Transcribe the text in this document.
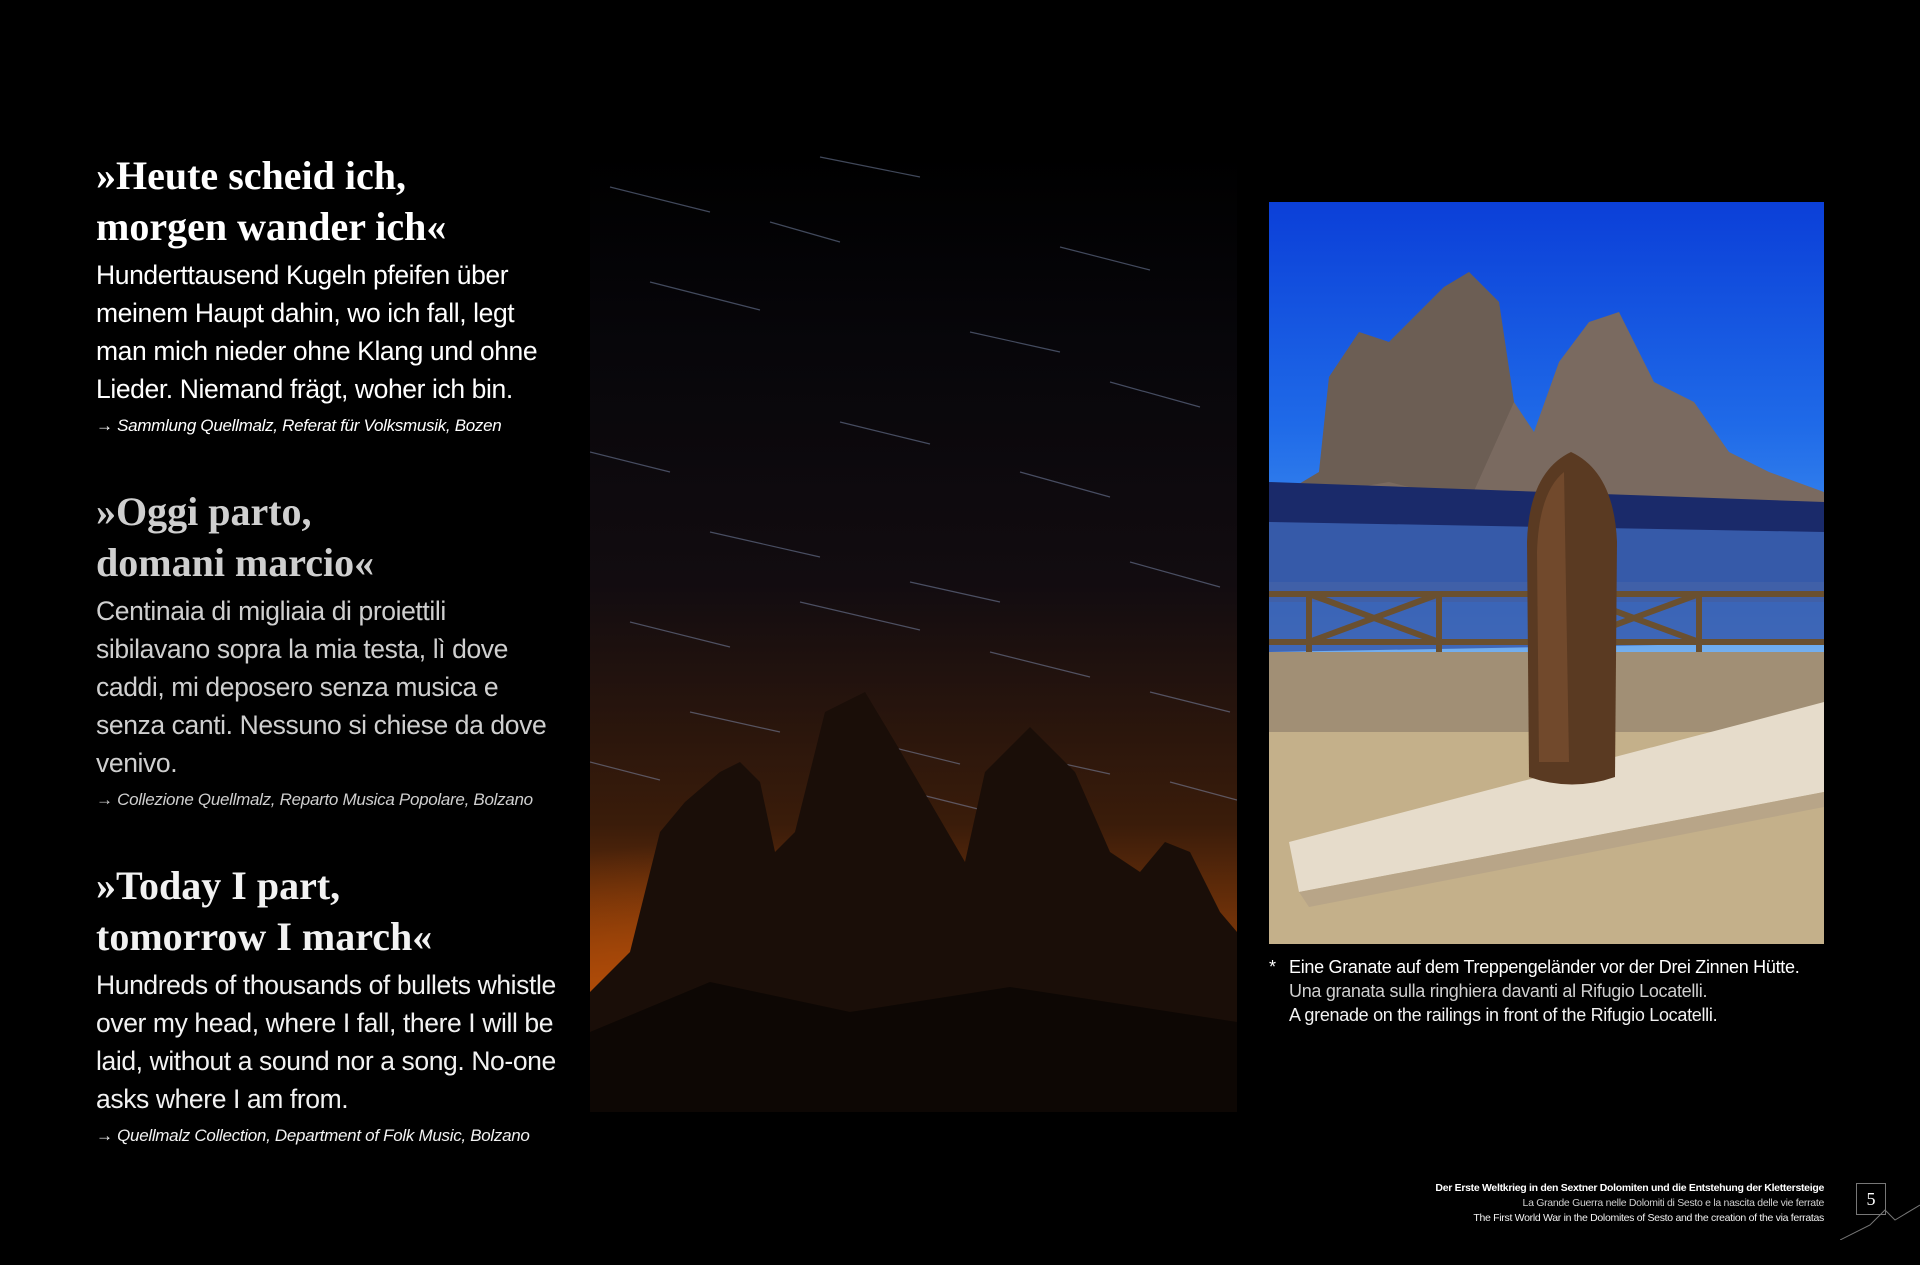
»Heute scheid ich,
morgen wander ich«

Hunderttausend Kugeln pfeifen über meinem Haupt dahin, wo ich fall, legt man mich nieder ohne Klang und ohne Lieder. Niemand frägt, woher ich bin.

→ Sammlung Quellmalz, Referat für Volksmusik, Bozen
»Oggi parto,
domani marcio«

Centinaia di migliaia di proiettili sibilavano sopra la mia testa, lì dove caddi, mi deposero senza musica e senza canti. Nessuno si chiese da dove venivo.

→ Collezione Quellmalz, Reparto Musica Popolare, Bolzano
»Today I part,
tomorrow I march«

Hundreds of thousands of bullets whistle over my head, where I fall, there I will be laid, without a sound nor a song. No-one asks where I am from.

→ Quellmalz Collection, Department of Folk Music, Bolzano
* Eine Granate auf dem Treppengeländer vor der Drei Zinnen Hütte.
Una granata sulla ringhiera davanti al Rifugio Locatelli.
A grenade on the railings in front of the Rifugio Locatelli.
Der Erste Weltkrieg in den Sextner Dolomiten und die Entstehung der Klettersteige
La Grande Guerra nelle Dolomiti di Sesto e la nascita delle vie ferrate
The First World War in the Dolomites of Sesto and the creation of the via ferratas
5
